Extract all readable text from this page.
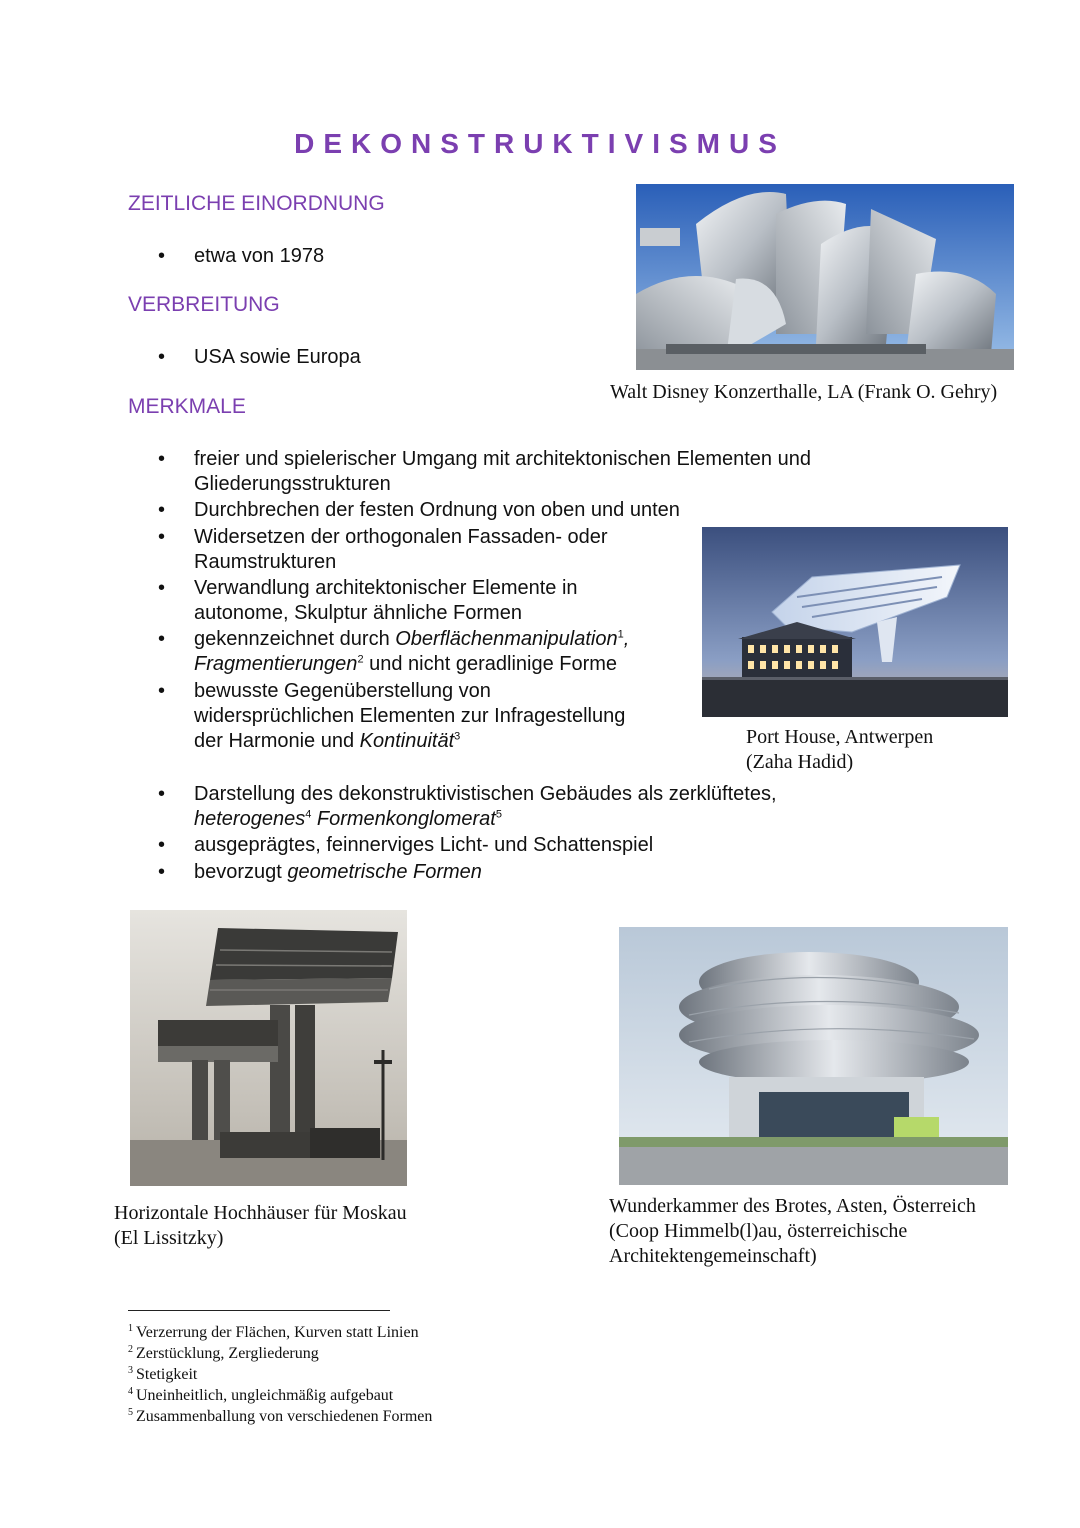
DEKONSTRUKTIVISMUS
ZEITLICHE EINORDNUNG
• etwa von 1978
VERBREITUNG
• USA sowie Europa
MERKMALE
Walt Disney Konzerthalle, LA (Frank O. Gehry)
• freier und spielerischer Umgang mit architektonischen Elementen und
Gliederungsstrukturen
• Durchbrechen der festen Ordnung von oben und unten
• Widersetzen der orthogonalen Fassaden- oder
Raumstrukturen
• Verwandlung architektonischer Elemente in
autonome, Skulptur ähnliche Formen
• gekennzeichnet durch Oberflächenmanipulation$^1$,
Fragmentierungen$^2$ und nicht geradlinige Forme
• bewusste Gegenüberstellung von
widersprüchlichen Elementen zur Infragestellung
der Harmonie und Kontinuität$^3$	Port House, Antwerpen
(Zaha Hadid)
• Darstellung des dekonstruktivistischen Gebäudes als zerklüftetes,
heterogenes$^4$ Formenkonglomerat$^5$
• ausgeprägtes, feinnerviges Licht- und Schattenspiel
• bevorzugt geometrische Formen
Horizontale Hochhäuser für Moskau
(El Lissitzky)
Wunderkammer des Brotes, Asten, Österreich
(Coop Himmelb(l)au, österreichische
Architektengemeinschaft)
$^1$ Verzerrung der Flächen, Kurven statt Linien
$^2$ Zerstücklung, Zergliederung
$^3$ Stetigkeit
$^4$ Uneinheitlich, ungleichmäßig aufgebaut
$^5$ Zusammenballung von verschiedenen Formen
